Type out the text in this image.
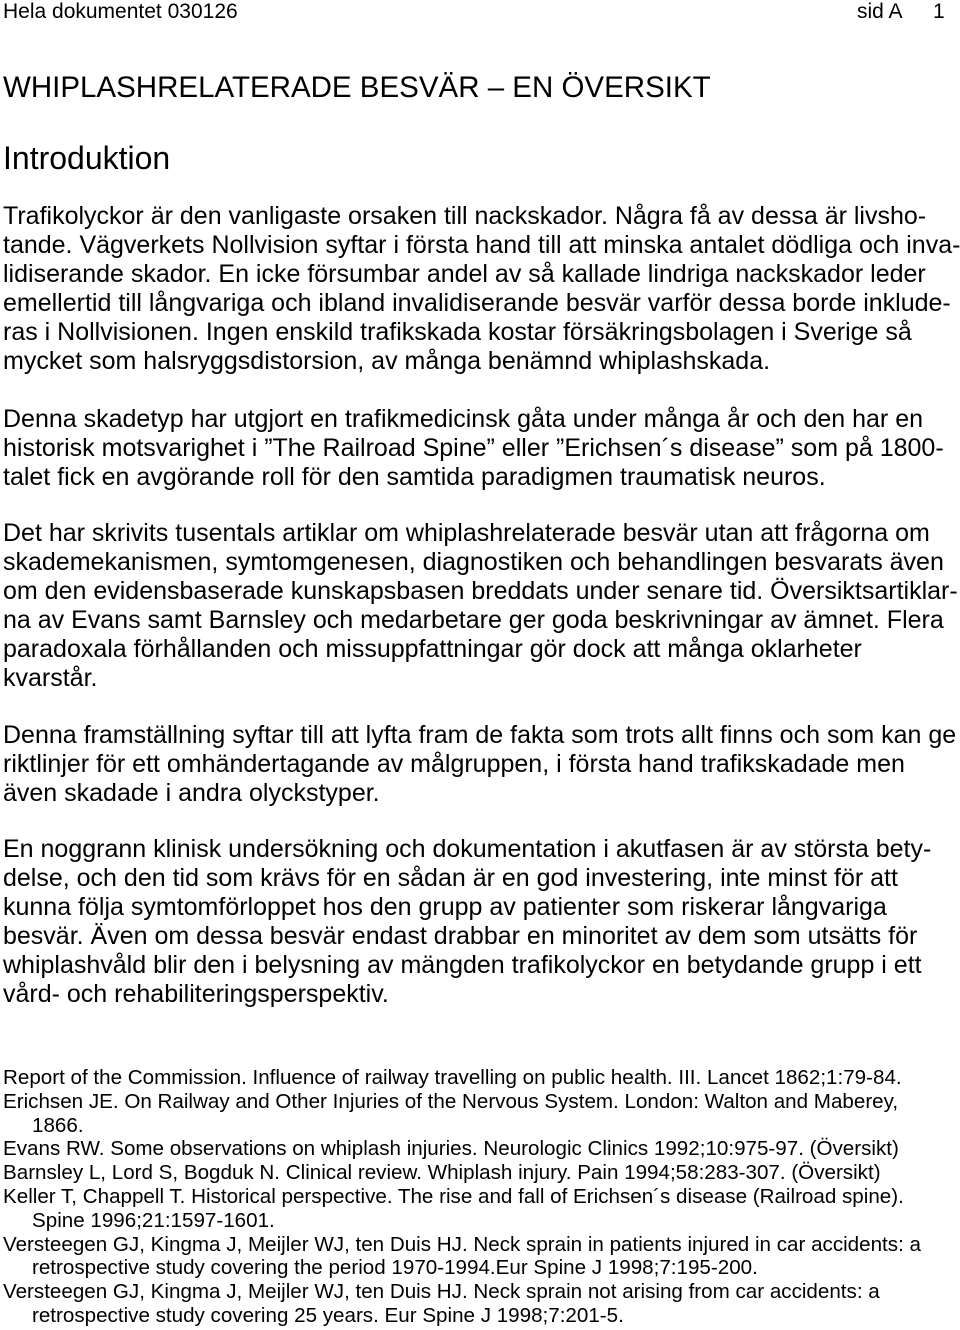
Hela dokumentet 030126	sid A 1
WHIPLASHRELATERADE BESVÄR – EN ÖVERSIKT
Introduktion
Trafikolyckor är den vanligaste orsaken till nackskador. Några få av dessa är livsho-
tande. Vägverkets Nollvision syftar i första hand till att minska antalet dödliga och inva-
lidiserande skador. En icke försumbar andel av så kallade lindriga nackskador leder
emellertid till långvariga och ibland invalidiserande besvär varför dessa borde inklude-
ras i Nollvisionen. Ingen enskild trafikskada kostar försäkringsbolagen i Sverige så
mycket som halsryggsdistorsion, av många benämnd whiplashskada.
Denna skadetyp har utgjort en trafikmedicinsk gåta under många år och den har en
historisk motsvarighet i ”The Railroad Spine” eller ”Erichsen´s disease” som på 1800-
talet fick en avgörande roll för den samtida paradigmen traumatisk neuros.
Det har skrivits tusentals artiklar om whiplashrelaterade besvär utan att frågorna om
skademekanismen, symtomgenesen, diagnostiken och behandlingen besvarats även
om den evidensbaserade kunskapsbasen breddats under senare tid. Översiktsartiklar-
na av Evans samt Barnsley och medarbetare ger goda beskrivningar av ämnet. Flera
paradoxala förhållanden och missuppfattningar gör dock att många oklarheter
kvarstår.
Denna framställning syftar till att lyfta fram de fakta som trots allt finns och som kan ge
riktlinjer för ett omhändertagande av målgruppen, i första hand trafikskadade men
även skadade i andra olyckstyper.
En noggrann klinisk undersökning och dokumentation i akutfasen är av största bety-
delse, och den tid som krävs för en sådan är en god investering, inte minst för att
kunna följa symtomförloppet hos den grupp av patienter som riskerar långvariga
besvär. Även om dessa besvär endast drabbar en minoritet av dem som utsätts för
whiplashvåld blir den i belysning av mängden trafikolyckor en betydande grupp i ett
vård- och rehabiliteringsperspektiv.
Report of the Commission. Influence of railway travelling on public health. III. Lancet 1862;1:79-84.
Erichsen JE. On Railway and Other Injuries of the Nervous System. London: Walton and Maberey,
1866.
Evans RW. Some observations on whiplash injuries. Neurologic Clinics 1992;10:975-97. (Översikt)
Barnsley L, Lord S, Bogduk N. Clinical review. Whiplash injury. Pain 1994;58:283-307. (Översikt)
Keller T, Chappell T. Historical perspective. The rise and fall of Erichsen´s disease (Railroad spine).
Spine 1996;21:1597-1601.
Versteegen GJ, Kingma J, Meijler WJ, ten Duis HJ. Neck sprain in patients injured in car accidents: a
retrospective study covering the period 1970-1994.Eur Spine J 1998;7:195-200.
Versteegen GJ, Kingma J, Meijler WJ, ten Duis HJ. Neck sprain not arising from car accidents: a
retrospective study covering 25 years. Eur Spine J 1998;7:201-5.
